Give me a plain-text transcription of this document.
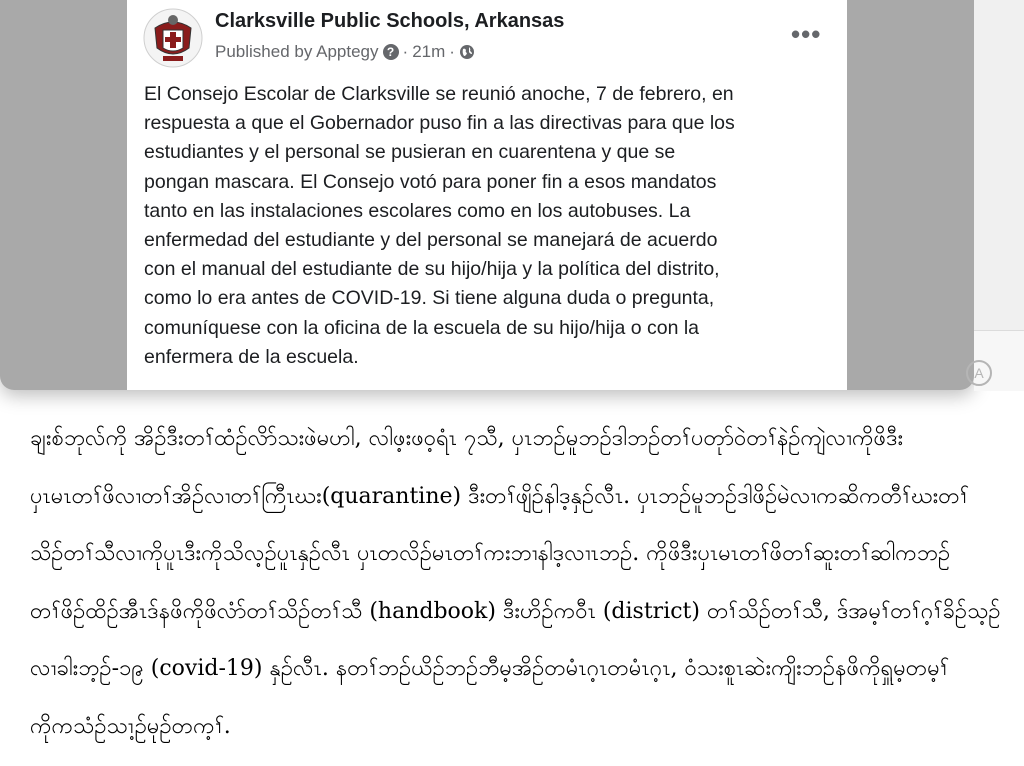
A
Clarksville Public Schools, Arkansas
Published by Apptegy ? · 21m ·
•••
El Consejo Escolar de Clarksville se reunió anoche, 7 de febrero, en
respuesta a que el Gobernador puso fin a las directivas para que los
estudiantes y el personal se pusieran en cuarentena y que se
pongan mascara. El Consejo votó para poner fin a esos mandatos
tanto en las instalaciones escolares como en los autobuses. La
enfermedad del estudiante y del personal se manejará de acuerdo
con el manual del estudiante de su hijo/hija y la política del distrito,
como lo era antes de COVID-19. Si tiene alguna duda o pregunta,
comuníquese con la oficina de la escuela de su hijo/hija o con la
enfermera de la escuela.
ချးစ်ဘုလ်ကို အိဉ်ဒီးတၢ်ထံဉ်လိာ်သးဖဲမဟါ, လါဖ့းဖဝ့ရံၤ ၇သီ, ပှၤဘဉ်မူဘဉ်ဒါဘဉ်တၢ်ပတုာ်ဝဲတၢ်နဲဉ်ကျဲလၢကိုဖိဒီး
ပှၤမၤတၢ်ဖိလၢတၢ်အိဉ်လၢတၢ်ကြီၤဃး(quarantine) ဒီးတၢ်ဖျိဉ်နါဒ့နှဉ်လီၤ. ပှၤဘဉ်မူဘဉ်ဒါဖိဉ်မဲလၢကဆိကတီၢ်ဃးတၢ်
သိဉ်တၢ်သီလၢကိုပူၤဒီးကိုသိလ့ဉ်ပူၤနှဉ်လီၤ ပှၤတလိဉ်မၤတၢ်ကးဘၢနါဒ့လၢၤဘဉ်. ကိုဖိဒီးပှၤမၤတၢ်ဖိတၢ်ဆူးတၢ်ဆါကဘဉ်
တၢ်ဖိဉ်ထိဉ်အီၤဒ်နဖိကိုဖိလံာ်တၢ်သိဉ်တၢ်သီ (handbook) ဒီးဟိဉ်ကဝီၤ (district) တၢ်သိဉ်တၢ်သီ, ဒ်အမ့ၢ်တၢ်ဂ့ၢ်ခိဉ်သ့ဉ်
လၢခါးဘ့ဉ်-၁၉ (covid-19) နှဉ်လီၤ. နတၢ်ဘဉ်ယိဉ်ဘဉ်ဘီမ့အိဉ်တမံၤဂ့ၤတမံၤဂ့ၤ, ဝံသးစူၤဆဲးကျိးဘဉ်နဖိကိုရှူမ့တမ့ၢ်
ကိုကသံဉ်သၢ့ဉ်မုဉ်တက့ၢ်.
